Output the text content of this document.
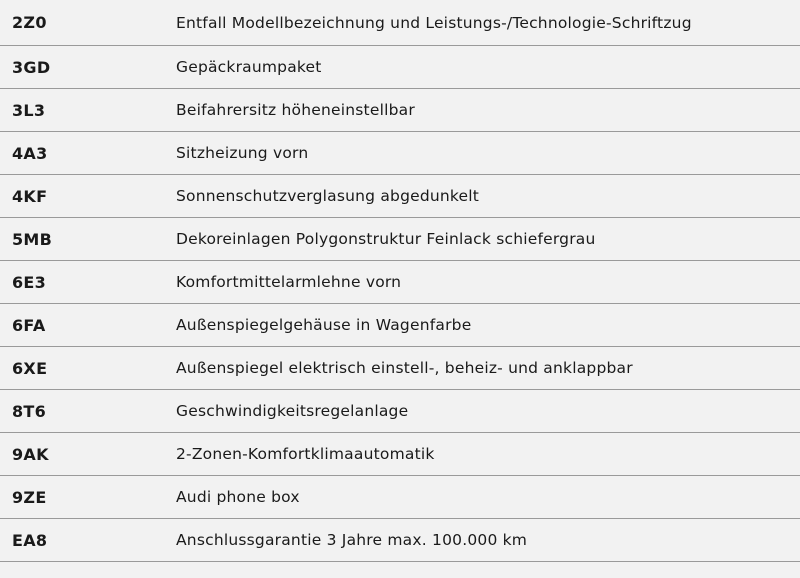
2Z0	Entfall Modellbezeichnung und Leistungs-/Technologie-Schriftzug
3GD	Gepäckraumpaket
3L3	Beifahrersitz höheneinstellbar
4A3	Sitzheizung vorn
4KF	Sonnenschutzverglasung abgedunkelt
5MB	Dekoreinlagen Polygonstruktur Feinlack schiefergrau
6E3	Komfortmittelarmlehne vorn
6FA	Außenspiegelgehäuse in Wagenfarbe
6XE	Außenspiegel elektrisch einstell-, beheiz- und anklappbar
8T6	Geschwindigkeitsregelanlage
9AK	2-Zonen-Komfortklimaautomatik
9ZE	Audi phone box
EA8	Anschlussgarantie 3 Jahre max. 100.000 km
